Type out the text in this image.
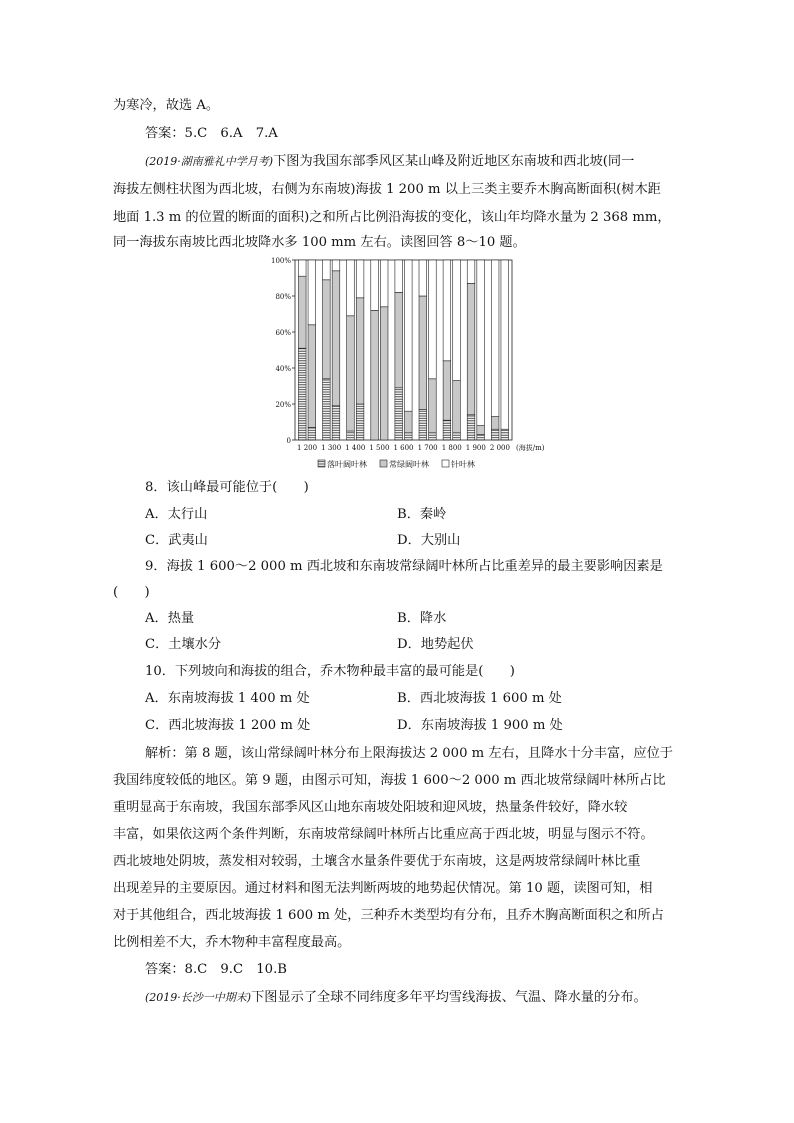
为寒冷，故选 A。
答案：5.C　6.A　7.A
(2019·湖南雅礼中学月考)下图为我国东部季风区某山峰及附近地区东南坡和西北坡(同一
海拔左侧柱状图为西北坡，右侧为东南坡)海拔 1 200 m 以上三类主要乔木胸高断面积(树木距
地面 1.3 m 的位置的断面的面积)之和所占比例沿海拔的变化，该山年均降水量为 2 368 mm，
同一海拔东南坡比西北坡降水多 100 mm 左右。读图回答 8～10 题。
0
20%
40%
60%
80%
100%
1 200 1 300 1 400 1 500 1 600 1 700 1 800 1 900 2 000 (海拔/m)
落叶阔叶林	常绿阔叶林	针叶林
8．该山峰最可能位于(　　)
A．太行山	B．秦岭
C．武夷山	D．大别山
9．海拔 1 600～2 000 m 西北坡和东南坡常绿阔叶林所占比重差异的最主要影响因素是
(　　)
A．热量	B．降水
C．土壤水分	D．地势起伏
10．下列坡向和海拔的组合，乔木物种最丰富的最可能是(　　)
A．东南坡海拔 1 400 m 处	B．西北坡海拔 1 600 m 处
C．西北坡海拔 1 200 m 处	D．东南坡海拔 1 900 m 处
解析：第 8 题，该山常绿阔叶林分布上限海拔达 2 000 m 左右，且降水十分丰富，应位于
我国纬度较低的地区。第 9 题，由图示可知，海拔 1 600～2 000 m 西北坡常绿阔叶林所占比
重明显高于东南坡，我国东部季风区山地东南坡处阳坡和迎风坡，热量条件较好，降水较
丰富，如果依这两个条件判断，东南坡常绿阔叶林所占比重应高于西北坡，明显与图示不符。
西北坡地处阴坡，蒸发相对较弱，土壤含水量条件要优于东南坡，这是两坡常绿阔叶林比重
出现差异的主要原因。通过材料和图无法判断两坡的地势起伏情况。第 10 题，读图可知，相
对于其他组合，西北坡海拔 1 600 m 处，三种乔木类型均有分布，且乔木胸高断面积之和所占
比例相差不大，乔木物种丰富程度最高。
答案：8.C　9.C　10.B
(2019·长沙一中期末)下图显示了全球不同纬度多年平均雪线海拔、气温、降水量的分布。
